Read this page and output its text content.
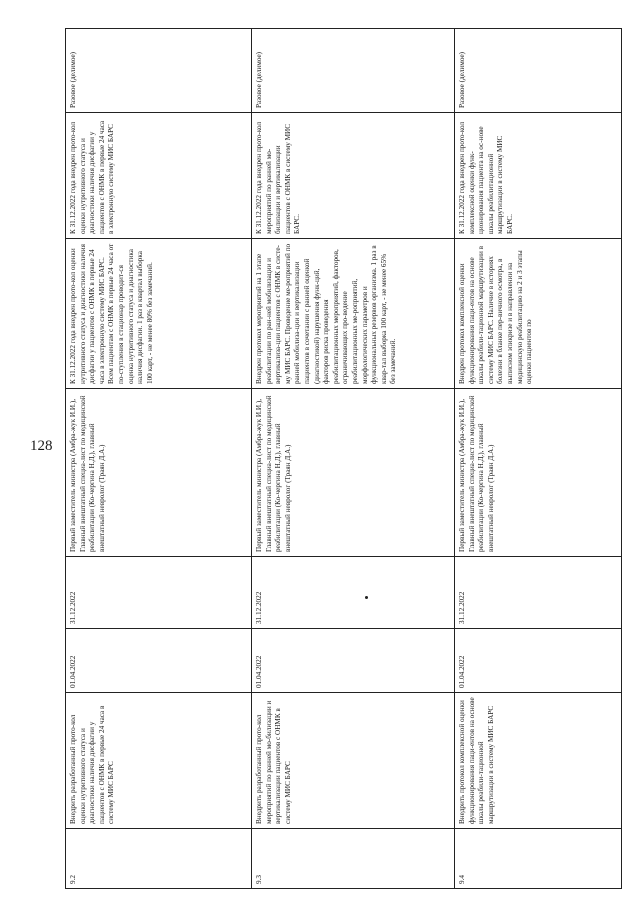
128
9.2	Внедрить разработанный прото-кол оценки нутритивного статуса и диагностики наличия дисфагии у пациентов с ОНМК в первые 24 часа в систему МИС БАРС	01.04.2022	31.12.2022	Первый заместитель министра (Амбра-жук И.И.), Главный внештатный специа-лист по медицинской реабилитации (Ко-чергина Н.Д.), главный внештатный невролог (Траян Д.А.)	К 31.12.2022 года внедрен прото-кол оценки нутритивного статуса и диагностики наличия дисфагии у пациентов с ОНМК в первые 24 часа в электронную систему МИС БАРС. Всем пациентам с ОНМК в первые 24 часа от по-ступления в стационар проводит-ся оценка нутритивного статуса и диагностика наличия дисфагии. 1 раз в квартал выборка 100 карт, - не менее 80% без замечаний.	К 31.12.2022 года внедрен прото-кол оценки нутритивного статуса и диагностики наличия дисфагии у пациентов с ОНМК в первые 24 часа в электронную систему МИС БАРС	Разовое (делимое)
9.3	Внедрить разработанный прото-кол мероприятий по ранней мо-билизации и вертикализации пациентов с ОНМК в систему МИС БАРС	01.04.2022	31.12.2022	Первый заместитель министра (Амбра-жук И.И.), Главный внештатный специа-лист по медицинской реабилитации (Ко-чергина Н.Д.), главный внештатный невролог (Траян Д.А.)	Внедрен протокол мероприятий на 1 этапе реабилитации по ран-ней мобилизации и вертикализа-ции пациентов с ОНМК в систе-му МИС БАРС. Проведение ме-роприятий по ранней мобилиза-ции и вертикализации пациентов в сочетании с ранней оценкой (диагностикой) нарушения функ-ций, факторов риска проведения реабилитационных мероприятий, факторов, ограничивающих про-ведение реабилитационных ме-роприятий, морфологических параметров и функциональных резервов организма. 1 раз в квар-тал выборка 100 карт, - не менее 65% без замечаний.	К 31.12.2022 года внедрен прото-кол мероприятий по ранней мо-билизации и вертикализации пациентов с ОНМК в систему МИС БАРС.	Разовое (делимое)
9.4	Внедрить протокол комплексной оценки функционирования паци-ентов на основе шкалы реабили-тационной маршрутизации в систему МИС БАРС	01.04.2022	31.12.2022	Первый заместитель министра (Амбра-жук И.И.), Главный внештатный специа-лист по медицинской реабилитации (Ко-чергина Н.Д.), главный внештатный невролог (Траян Д.А.)	Внедрен протокол комплексной оценки функционирования паци-ентов на основе шкалы реабили-тационной маршрутизации в систему МИС БАРС. Наличие в историях болезни в бланке пер-вичного осмотра, в выписном эпикризе и в направлении на медицинскую реабилитацию на 2 и 3 этапы оценки пациентов по	К 31.12.2022 года внедрен прото-кол комплексной оценки функ-ционирования пациента на ос-нове шкалы реабилитационной маршрутизации в систему МИС БАРС.	Разовое (делимое)
